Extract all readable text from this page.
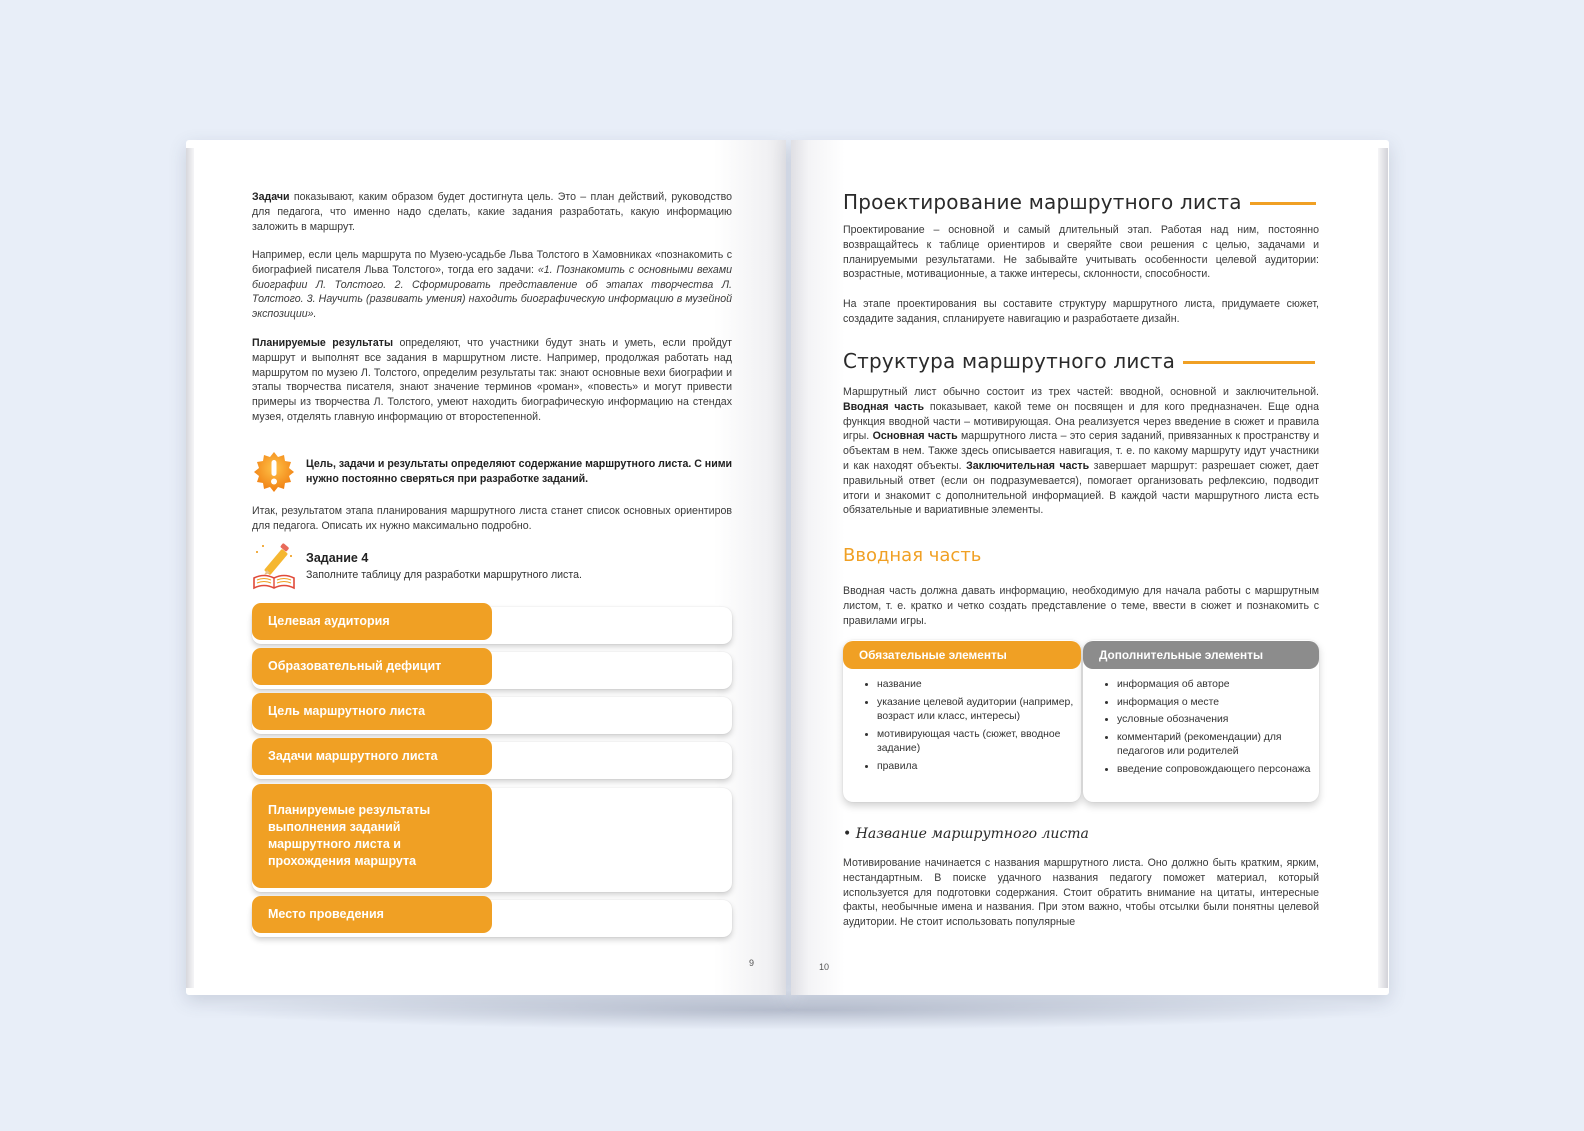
Задачи показывают, каким образом будет достигнута цель. Это – план действий, руководство для педагога, что именно надо сделать, какие задания разработать, какую информацию заложить в маршрут.
Например, если цель маршрута по Музею-усадьбе Льва Толстого в Хамовниках «познакомить с биографией писателя Льва Толстого», тогда его задачи: «1. Познакомить с основными вехами биографии Л. Толстого. 2. Сформировать представление об этапах творчества Л. Толстого. 3. Научить (развивать умения) находить биографическую информацию в музейной экспозиции».
Планируемые результаты определяют, что участники будут знать и уметь, если пройдут маршрут и выполнят все задания в маршрутном листе. Например, продолжая работать над маршрутом по музею Л. Толстого, определим результаты так: знают основные вехи биографии и этапы творчества писателя, знают значение терминов «роман», «повесть» и могут привести примеры из творчества Л. Толстого, умеют находить биографическую информацию на стендах музея, отделять главную информацию от второстепенной.
Цель, задачи и результаты определяют содержание маршрутного листа. С ними нужно постоянно сверяться при разработке заданий.
Итак, результатом этапа планирования маршрутного листа станет список основных ориентиров для педагога. Описать их нужно максимально подробно.
Задание 4
Заполните таблицу для разработки маршрутного листа.
Целевая аудитория
Образовательный дефицит
Цель маршрутного листа
Задачи маршрутного листа
Планируемые результаты выполнения заданий маршрутного листа и прохождения маршрута
Место проведения
9
Проектирование маршрутного листа
Проектирование – основной и самый длительный этап. Работая над ним, постоянно возвращайтесь к таблице ориентиров и сверяйте свои решения с целью, задачами и планируемыми результатами. Не забывайте учитывать особенности целевой аудитории: возрастные, мотивационные, а также интересы, склонности, способности.
На этапе проектирования вы составите структуру маршрутного листа, придумаете сюжет, создадите задания, спланируете навигацию и разработаете дизайн.
Структура маршрутного листа
Маршрутный лист обычно состоит из трех частей: вводной, основной и заключительной. Вводная часть показывает, какой теме он посвящен и для кого предназначен. Еще одна функция вводной части – мотивирующая. Она реализуется через введение в сюжет и правила игры. Основная часть маршрутного листа – это серия заданий, привязанных к пространству и объектам в нем. Также здесь описывается навигация, т. е. по какому маршруту идут участники и как находят объекты. Заключительная часть завершает маршрут: разрешает сюжет, дает правильный ответ (если он подразумевается), помогает организовать рефлексию, подводит итоги и знакомит с дополнительной информацией. В каждой части маршрутного листа есть обязательные и вариативные элементы.
Вводная часть
Вводная часть должна давать информацию, необходимую для начала работы с маршрутным листом, т. е. кратко и четко создать представление о теме, ввести в сюжет и познакомить с правилами игры.
• название
• указание целевой аудитории (например, возраст или класс, интересы)
• мотивирующая часть (сюжет, вводное задание)
• правила
• информация об авторе
• информация о месте
• условные обозначения
• комментарий (рекомендации) для педагогов или родителей
• введение сопровождающего персонажа
Обязательные элементы	Дополнительные элементы
• Название маршрутного листа
Мотивирование начинается с названия маршрутного листа. Оно должно быть кратким, ярким, нестандартным. В поиске удачного названия педагогу поможет материал, который используется для подготовки содержания. Стоит обратить внимание на цитаты, интересные факты, необычные имена и названия. При этом важно, чтобы отсылки были понятны целевой аудитории. Не стоит использовать популярные
10
